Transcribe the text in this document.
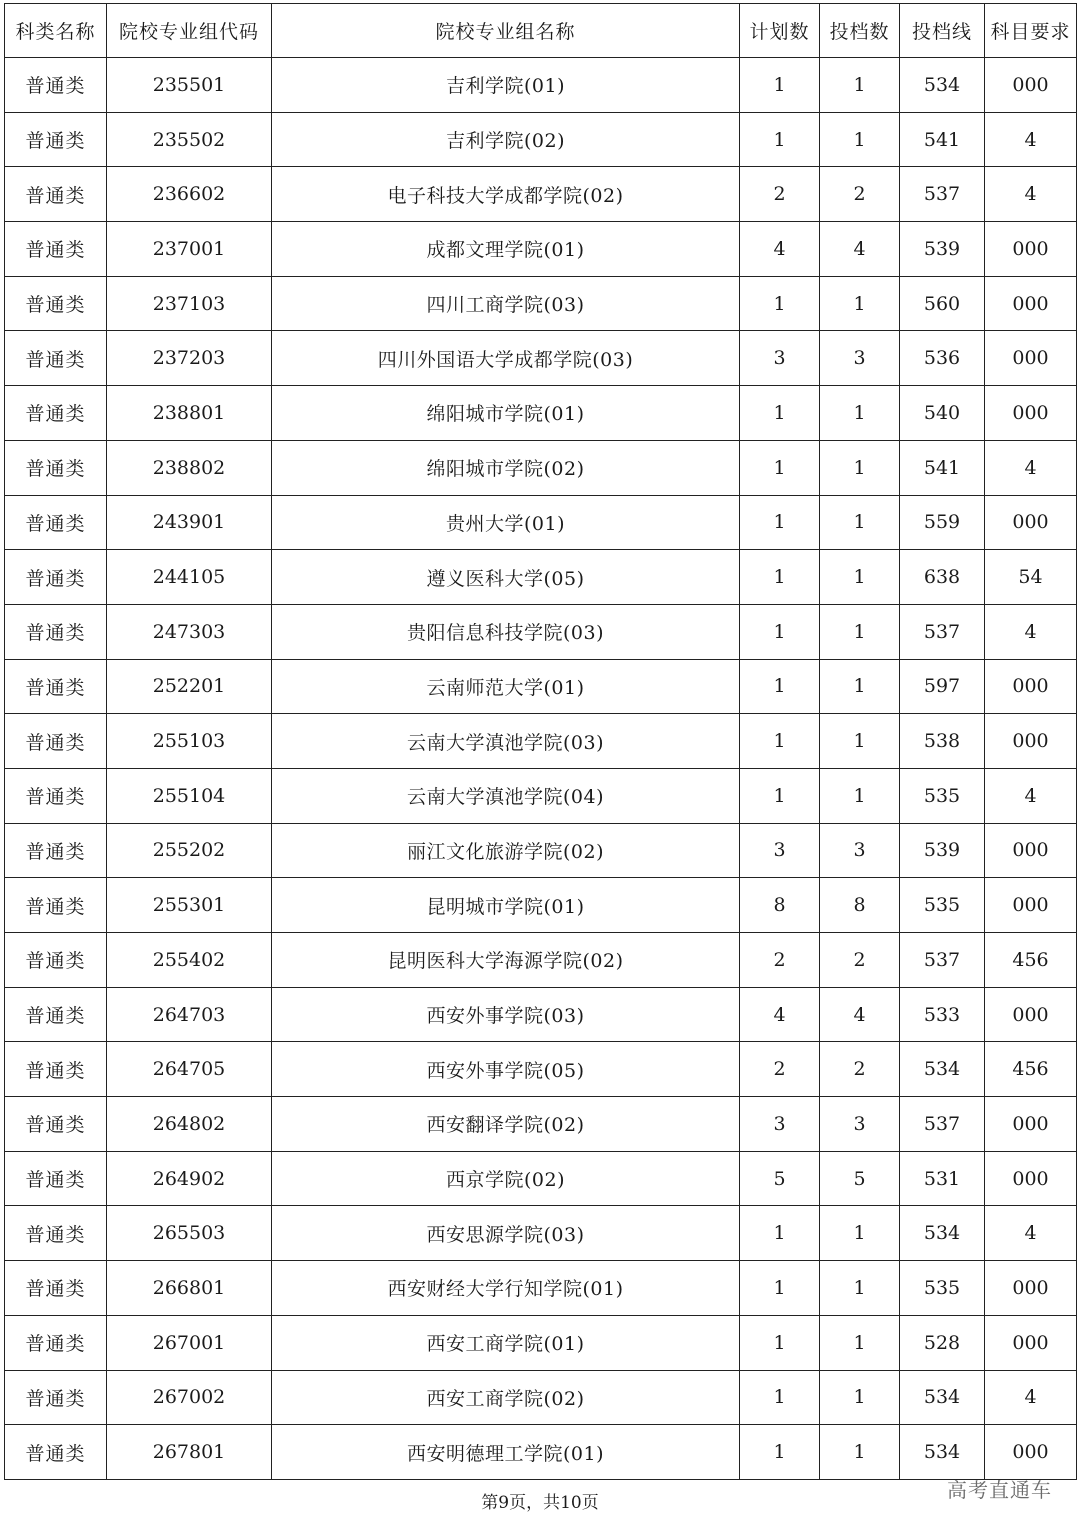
科类名称	院校专业组代码	院校专业组名称	计划数	投档数	投档线	科目要求
普通类	235501	吉利学院(01)	1	1	534	000
普通类	235502	吉利学院(02)	1	1	541	4
普通类	236602	电子科技大学成都学院(02)	2	2	537	4
普通类	237001	成都文理学院(01)	4	4	539	000
普通类	237103	四川工商学院(03)	1	1	560	000
普通类	237203	四川外国语大学成都学院(03)	3	3	536	000
普通类	238801	绵阳城市学院(01)	1	1	540	000
普通类	238802	绵阳城市学院(02)	1	1	541	4
普通类	243901	贵州大学(01)	1	1	559	000
普通类	244105	遵义医科大学(05)	1	1	638	54
普通类	247303	贵阳信息科技学院(03)	1	1	537	4
普通类	252201	云南师范大学(01)	1	1	597	000
普通类	255103	云南大学滇池学院(03)	1	1	538	000
普通类	255104	云南大学滇池学院(04)	1	1	535	4
普通类	255202	丽江文化旅游学院(02)	3	3	539	000
普通类	255301	昆明城市学院(01)	8	8	535	000
普通类	255402	昆明医科大学海源学院(02)	2	2	537	456
普通类	264703	西安外事学院(03)	4	4	533	000
普通类	264705	西安外事学院(05)	2	2	534	456
普通类	264802	西安翻译学院(02)	3	3	537	000
普通类	264902	西京学院(02)	5	5	531	000
普通类	265503	西安思源学院(03)	1	1	534	4
普通类	266801	西安财经大学行知学院(01)	1	1	535	000
普通类	267001	西安工商学院(01)	1	1	528	000
普通类	267002	西安工商学院(02)	1	1	534	4
普通类	267801	西安明德理工学院(01)	1	1	534	000
第9页，共10页
高考直通车
